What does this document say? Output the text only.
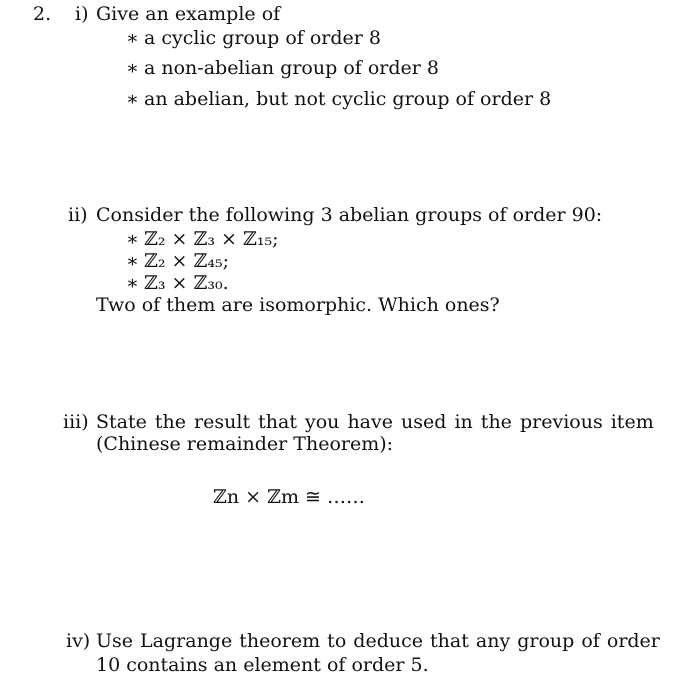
2. i) Give an example of
∗ a cyclic group of order 8
∗ a non-abelian group of order 8
∗ an abelian, but not cyclic group of order 8
ii) Consider the following 3 abelian groups of order 90:
∗ ℤ₂ × ℤ₃ × ℤ₁₅;
∗ ℤ₂ × ℤ₄₅;
∗ ℤ₃ × ℤ₃₀.
Two of them are isomorphic. Which ones?
iii) State the result that you have used in the previous item
(Chinese remainder Theorem):
ℤn × ℤm ≅ ……
iv) Use Lagrange theorem to deduce that any group of order
10 contains an element of order 5.
